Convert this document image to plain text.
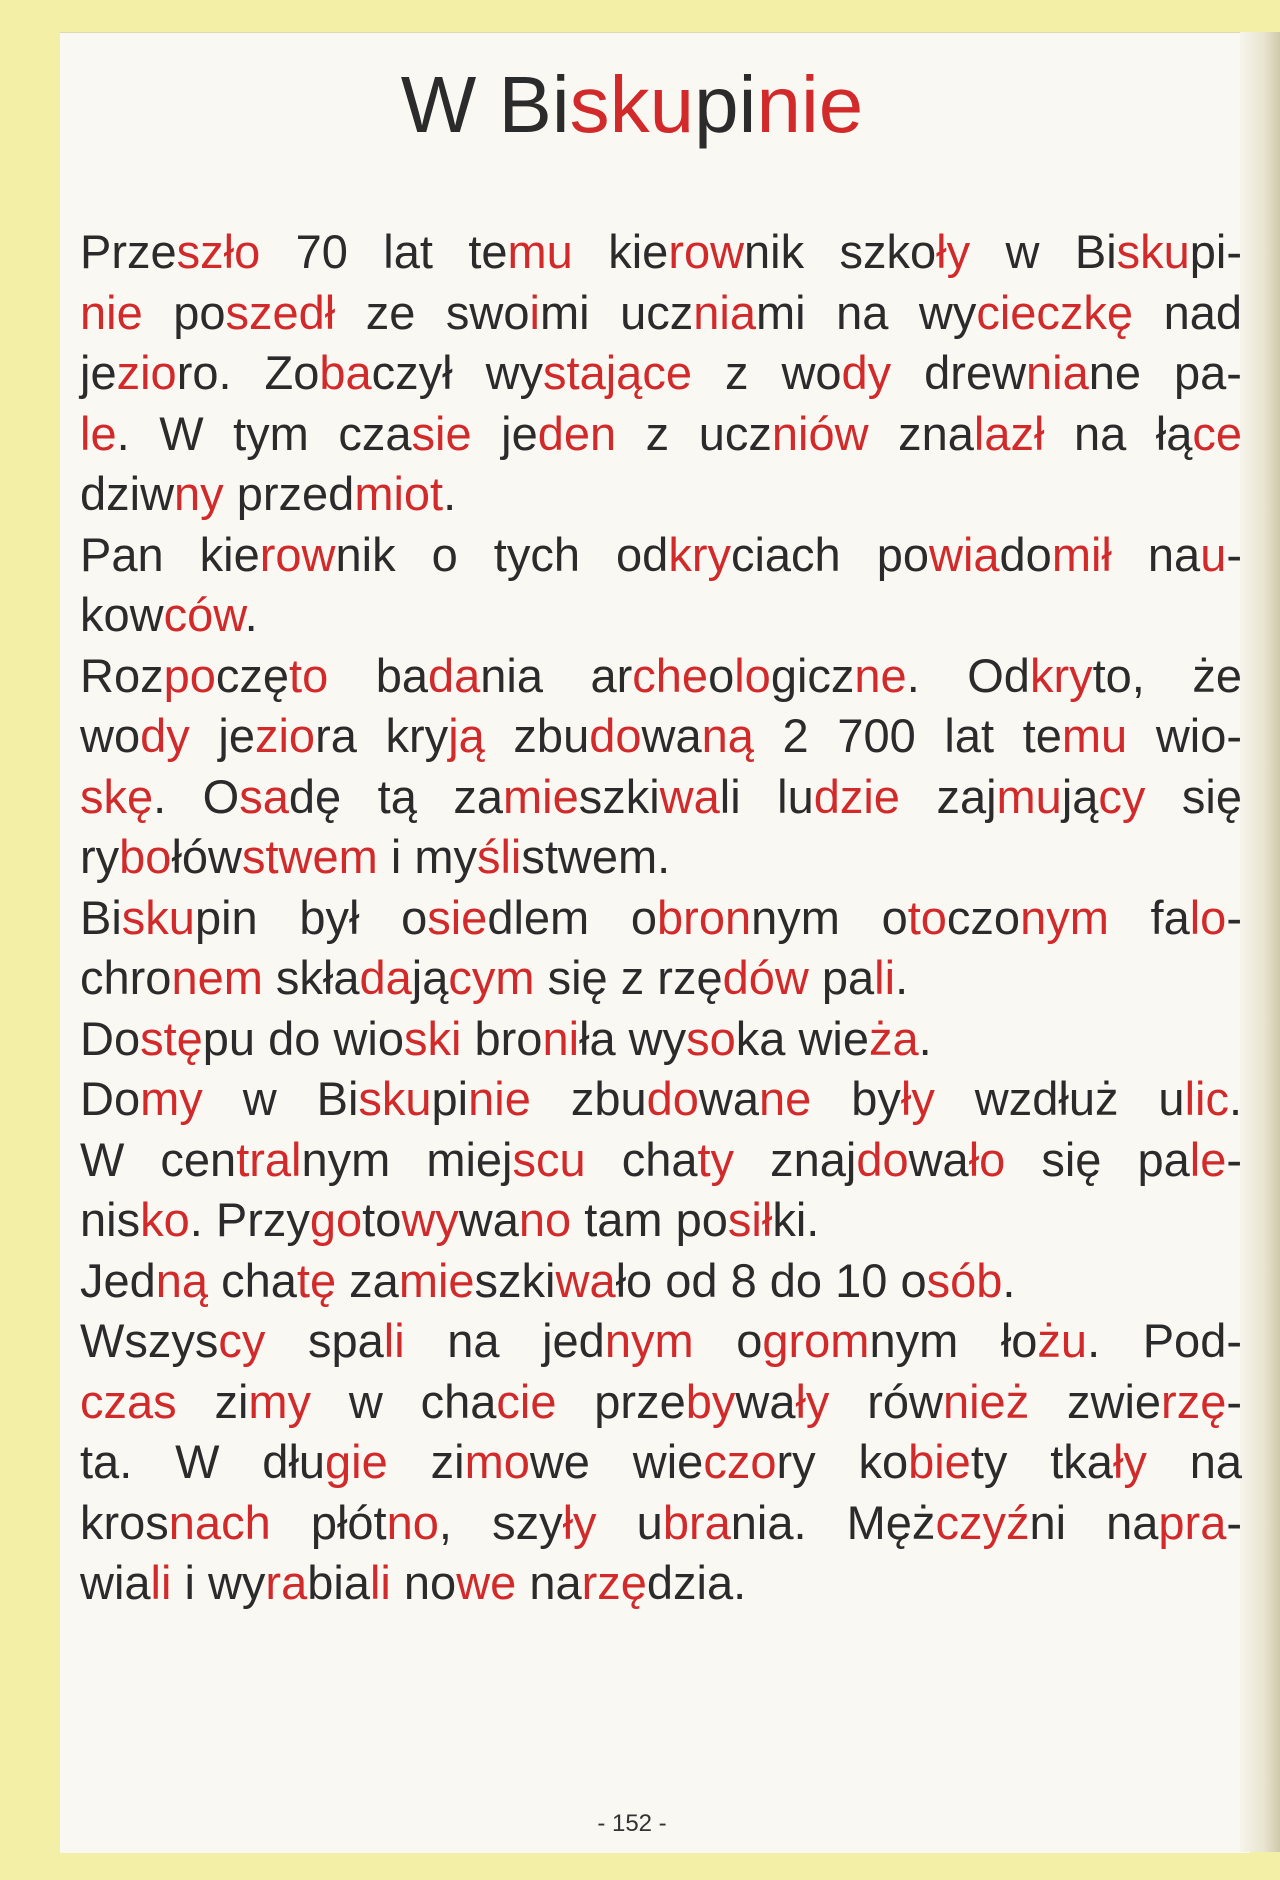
W Biskupinie
Przeszło 70 lat temu kierownik szkoły w Biskupi-
nie poszedł ze swoimi uczniami na wycieczkę nad
jezioro. Zobaczył wystające z wody drewniane pa-
le. W tym czasie jeden z uczniów znalazł na łące
dziwny przedmiot.
Pan kierownik o tych odkryciach powiadomił nau-
kowców.
Rozpoczęto badania archeologiczne. Odkryto, że
wody jeziora kryją zbudowaną 2 700 lat temu wio-
skę. Osadę tą zamieszkiwali ludzie zajmujący się
rybołówstwem i myślistwem.
Biskupin był osiedlem obronnym otoczonym falo-
chronem składającym się z rzędów pali.
Dostępu do wioski broniła wysoka wieża.
Domy w Biskupinie zbudowane były wzdłuż ulic.
W centralnym miejscu chaty znajdowało się pale-
nisko. Przygotowywano tam posiłki.
Jedną chatę zamieszkiwało od 8 do 10 osób.
Wszyscy spali na jednym ogromnym łożu. Pod-
czas zimy w chacie przebywały również zwierzę-
ta. W długie zimowe wieczory kobiety tkały na
krosnach płótno, szyły ubrania. Mężczyźni napra-
wiali i wyrabiali nowe narzędzia.
- 152 -
